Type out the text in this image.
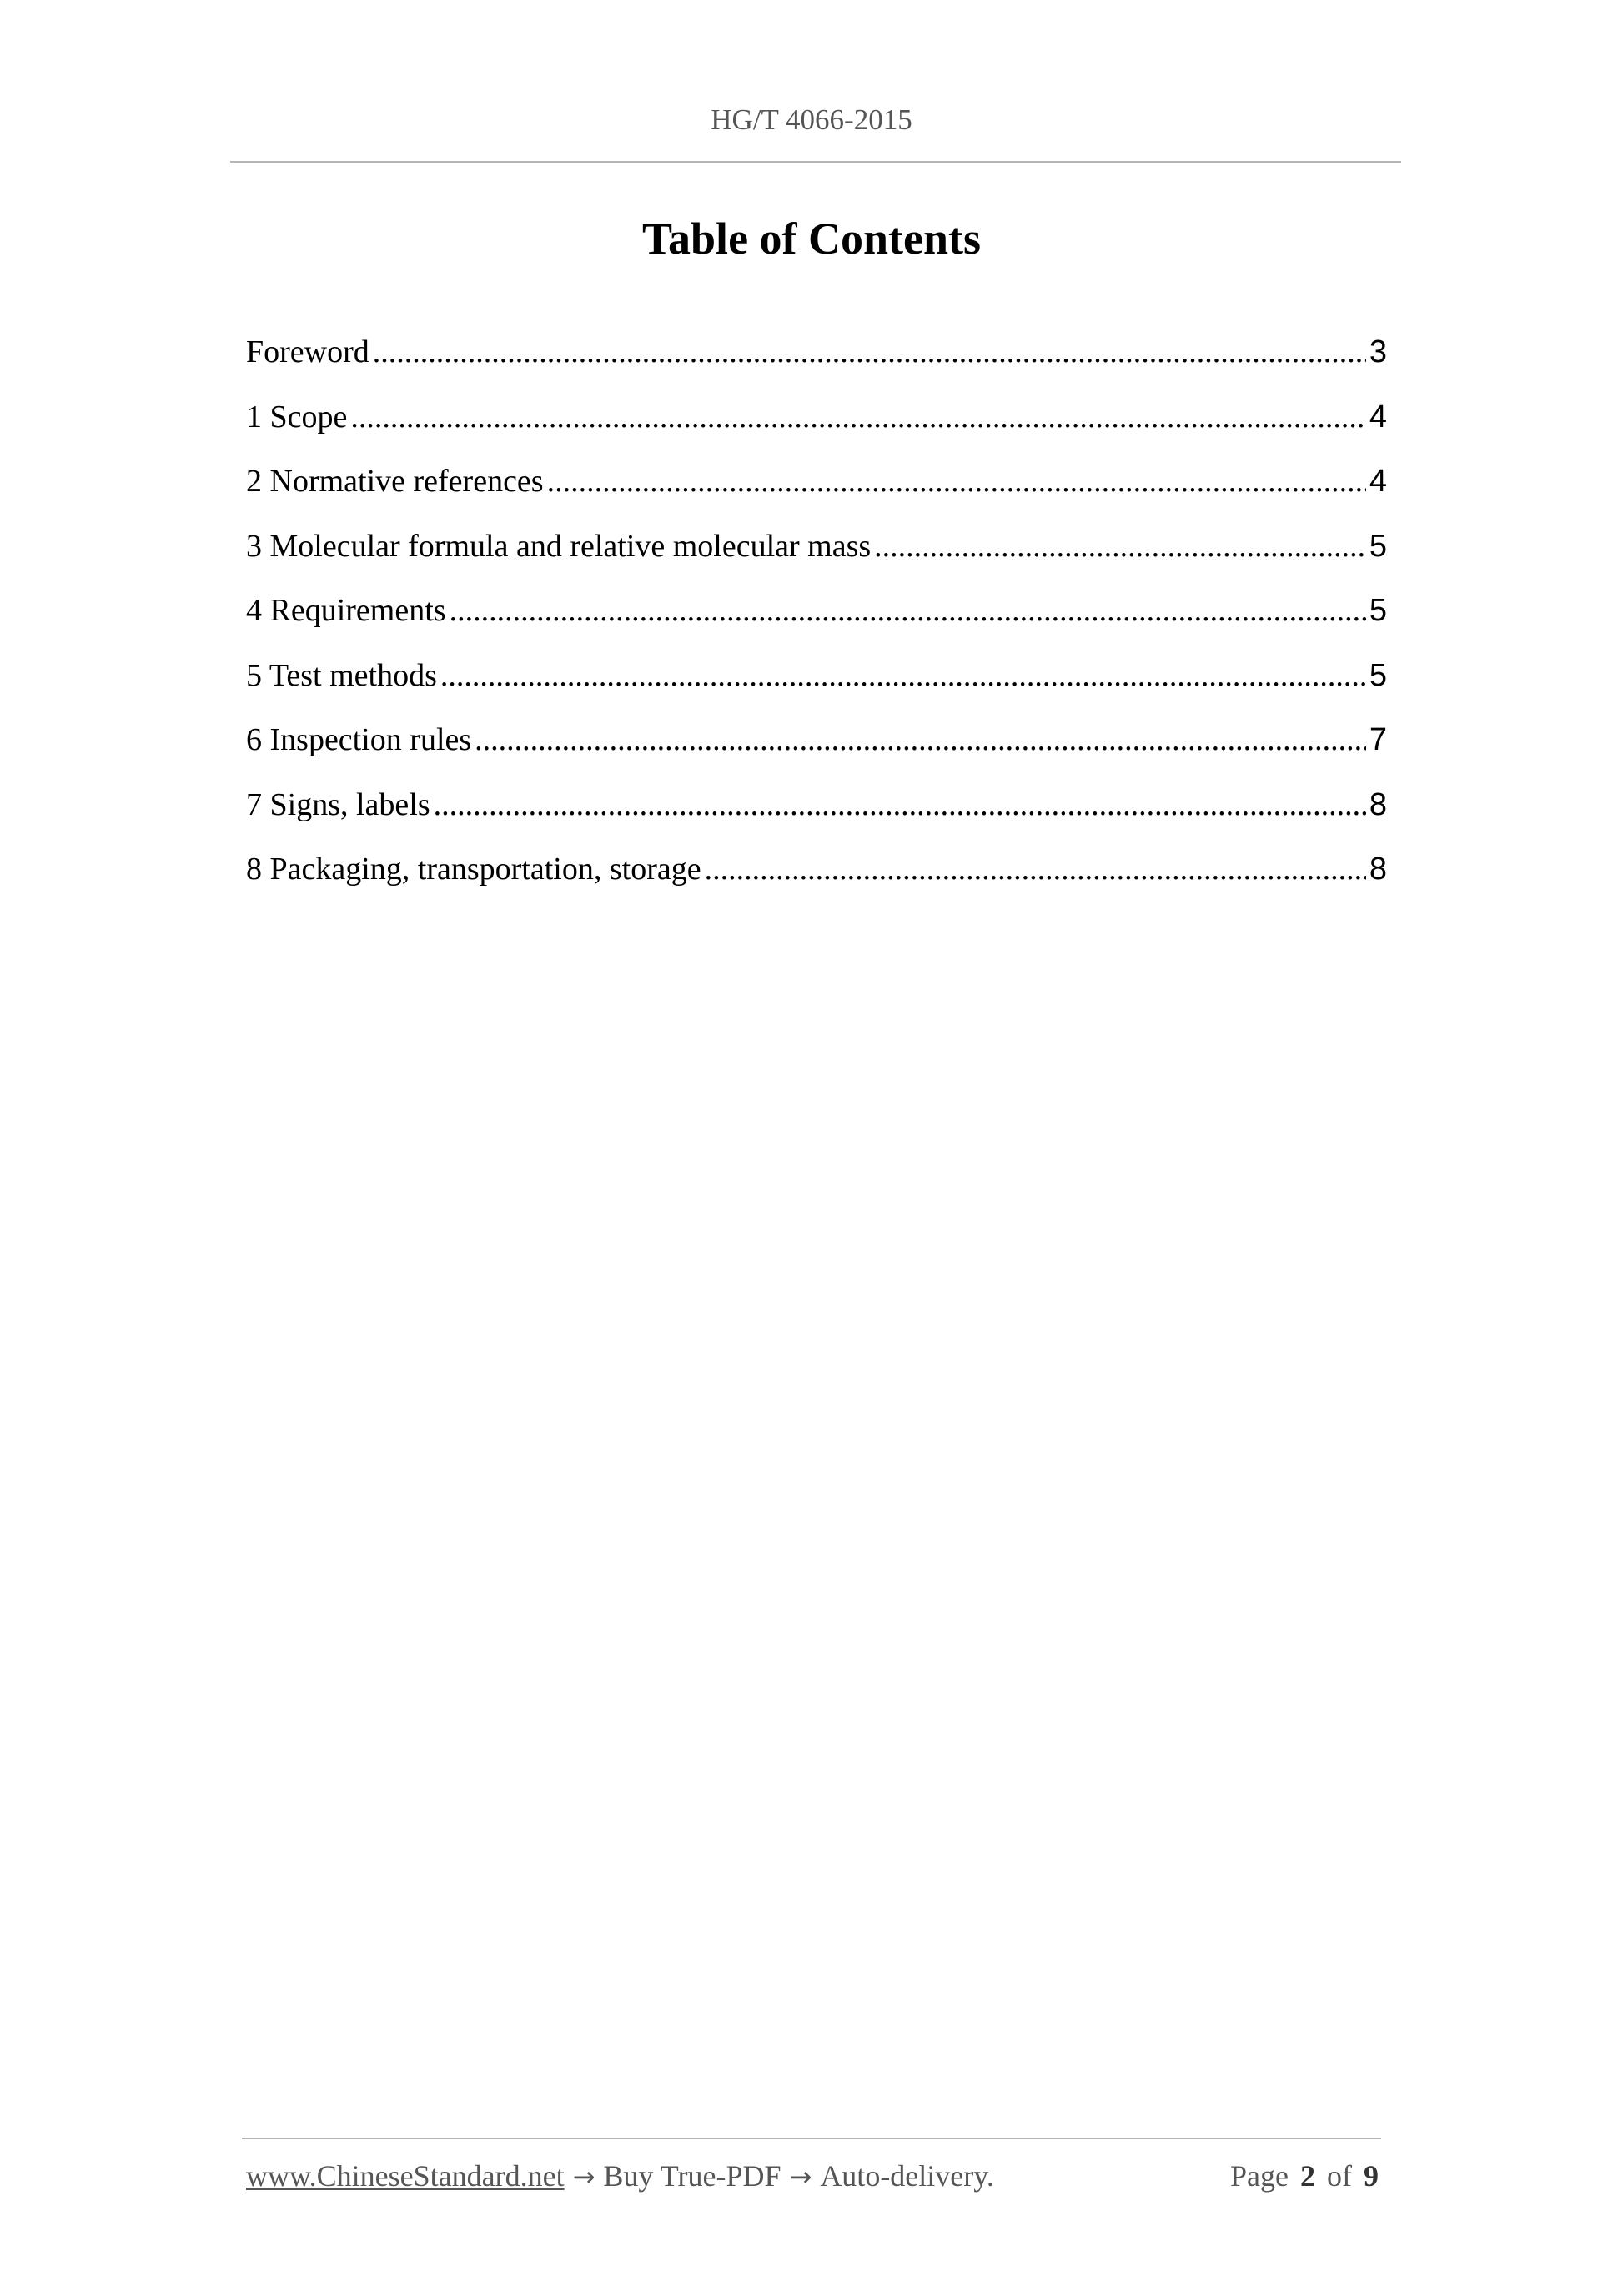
HG/T 4066-2015
Table of Contents
Foreword .....	3
1 Scope .....	4
2 Normative references .....	4
3 Molecular formula and relative molecular mass .....	5
4 Requirements .....	5
5 Test methods .....	5
6 Inspection rules .....	7
7 Signs, labels .....	8
8 Packaging, transportation, storage .....	8
www.ChineseStandard.net → Buy True-PDF → Auto-delivery.	Page 2 of 9
